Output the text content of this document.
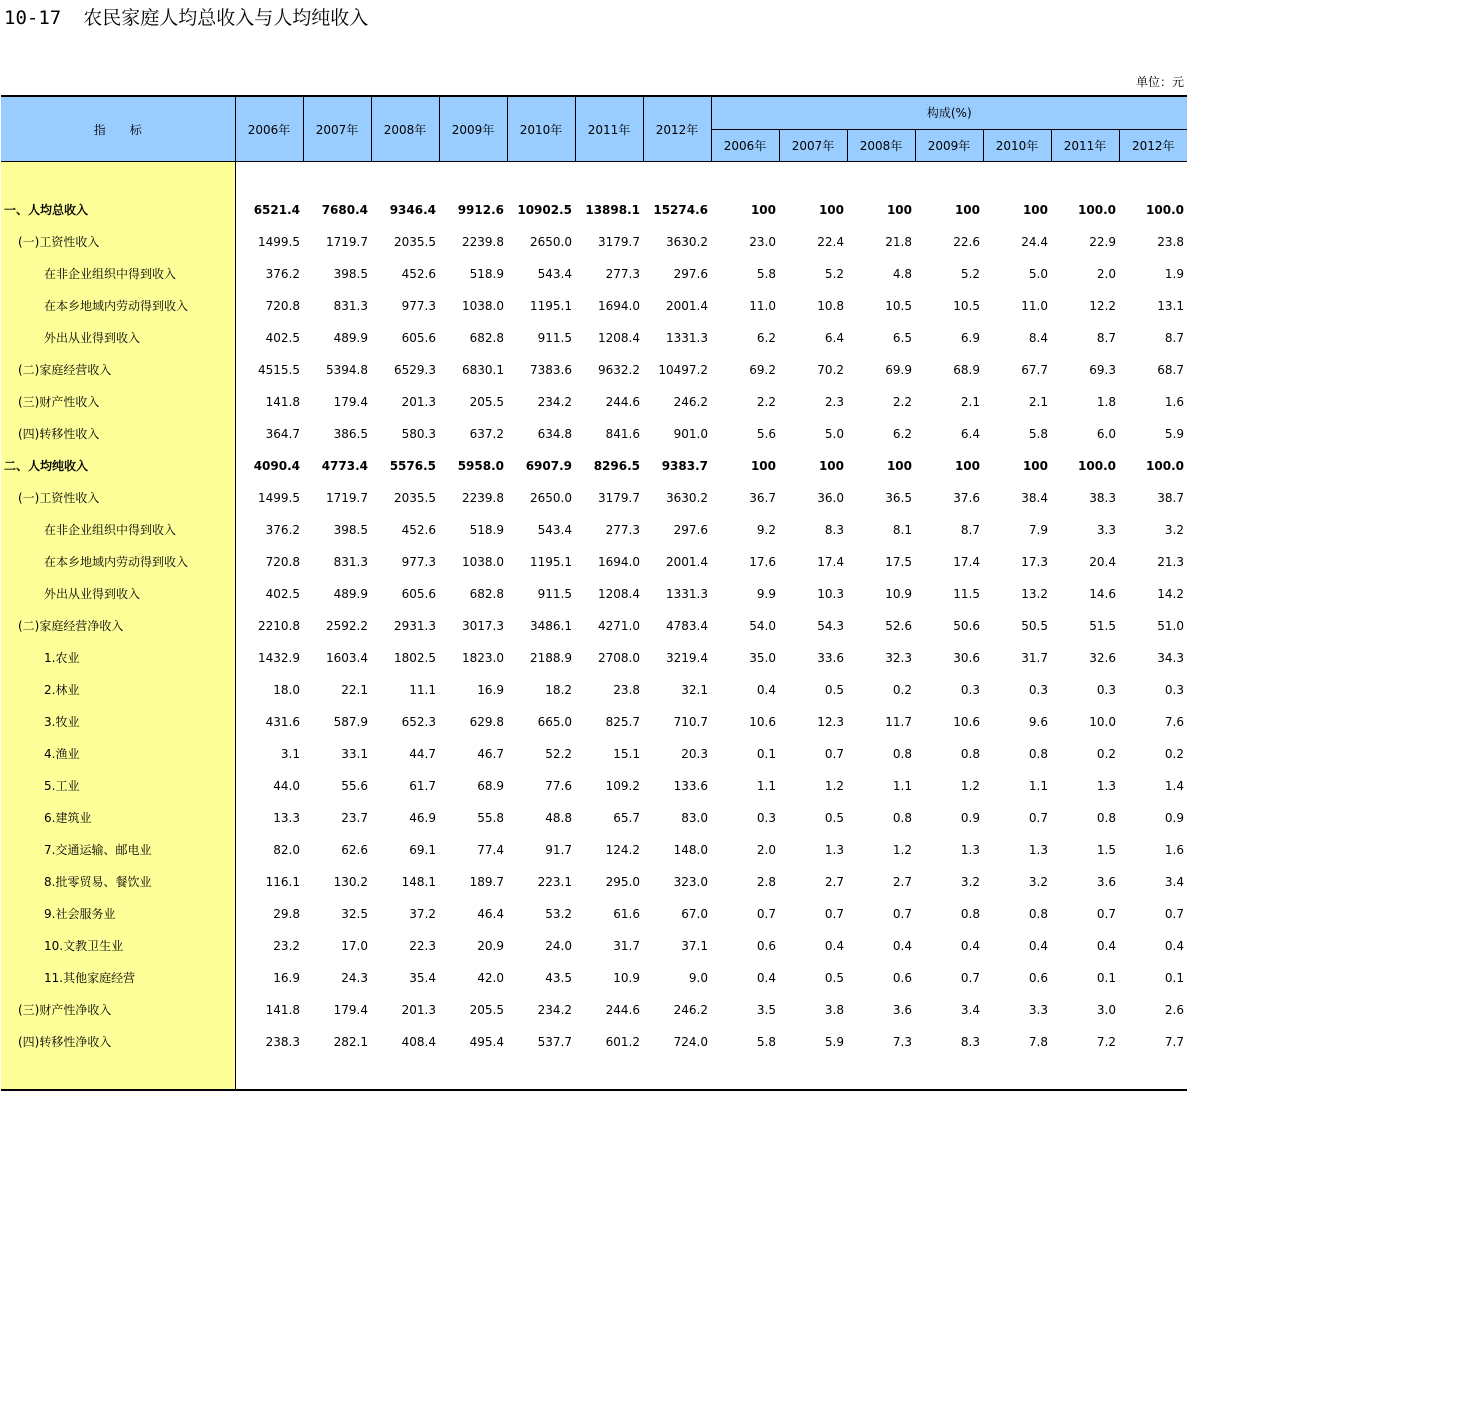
10-17 农民家庭人均总收入与人均纯收入
单位：元
指　　标	2006年	2007年	2008年	2009年	2010年	2011年	2012年	构成(%)						
								2006年	2007年	2008年	2009年	2010年	2011年	2012年

一、人均总收入	6521.4	7680.4	9346.4	9912.6	10902.5	13898.1	15274.6	100	100	100	100	100	100.0	100.0
(一)工资性收入	1499.5	1719.7	2035.5	2239.8	2650.0	3179.7	3630.2	23.0	22.4	21.8	22.6	24.4	22.9	23.8
在非企业组织中得到收入	376.2	398.5	452.6	518.9	543.4	277.3	297.6	5.8	5.2	4.8	5.2	5.0	2.0	1.9
在本乡地域内劳动得到收入	720.8	831.3	977.3	1038.0	1195.1	1694.0	2001.4	11.0	10.8	10.5	10.5	11.0	12.2	13.1
外出从业得到收入	402.5	489.9	605.6	682.8	911.5	1208.4	1331.3	6.2	6.4	6.5	6.9	8.4	8.7	8.7
(二)家庭经营收入	4515.5	5394.8	6529.3	6830.1	7383.6	9632.2	10497.2	69.2	70.2	69.9	68.9	67.7	69.3	68.7
(三)财产性收入	141.8	179.4	201.3	205.5	234.2	244.6	246.2	2.2	2.3	2.2	2.1	2.1	1.8	1.6
(四)转移性收入	364.7	386.5	580.3	637.2	634.8	841.6	901.0	5.6	5.0	6.2	6.4	5.8	6.0	5.9
二、人均纯收入	4090.4	4773.4	5576.5	5958.0	6907.9	8296.5	9383.7	100	100	100	100	100	100.0	100.0
(一)工资性收入	1499.5	1719.7	2035.5	2239.8	2650.0	3179.7	3630.2	36.7	36.0	36.5	37.6	38.4	38.3	38.7
在非企业组织中得到收入	376.2	398.5	452.6	518.9	543.4	277.3	297.6	9.2	8.3	8.1	8.7	7.9	3.3	3.2
在本乡地域内劳动得到收入	720.8	831.3	977.3	1038.0	1195.1	1694.0	2001.4	17.6	17.4	17.5	17.4	17.3	20.4	21.3
外出从业得到收入	402.5	489.9	605.6	682.8	911.5	1208.4	1331.3	9.9	10.3	10.9	11.5	13.2	14.6	14.2
(二)家庭经营净收入	2210.8	2592.2	2931.3	3017.3	3486.1	4271.0	4783.4	54.0	54.3	52.6	50.6	50.5	51.5	51.0
1.农业	1432.9	1603.4	1802.5	1823.0	2188.9	2708.0	3219.4	35.0	33.6	32.3	30.6	31.7	32.6	34.3
2.林业	18.0	22.1	11.1	16.9	18.2	23.8	32.1	0.4	0.5	0.2	0.3	0.3	0.3	0.3
3.牧业	431.6	587.9	652.3	629.8	665.0	825.7	710.7	10.6	12.3	11.7	10.6	9.6	10.0	7.6
4.渔业	3.1	33.1	44.7	46.7	52.2	15.1	20.3	0.1	0.7	0.8	0.8	0.8	0.2	0.2
5.工业	44.0	55.6	61.7	68.9	77.6	109.2	133.6	1.1	1.2	1.1	1.2	1.1	1.3	1.4
6.建筑业	13.3	23.7	46.9	55.8	48.8	65.7	83.0	0.3	0.5	0.8	0.9	0.7	0.8	0.9
7.交通运输、邮电业	82.0	62.6	69.1	77.4	91.7	124.2	148.0	2.0	1.3	1.2	1.3	1.3	1.5	1.6
8.批零贸易、餐饮业	116.1	130.2	148.1	189.7	223.1	295.0	323.0	2.8	2.7	2.7	3.2	3.2	3.6	3.4
9.社会服务业	29.8	32.5	37.2	46.4	53.2	61.6	67.0	0.7	0.7	0.7	0.8	0.8	0.7	0.7
10.文教卫生业	23.2	17.0	22.3	20.9	24.0	31.7	37.1	0.6	0.4	0.4	0.4	0.4	0.4	0.4
11.其他家庭经营	16.9	24.3	35.4	42.0	43.5	10.9	9.0	0.4	0.5	0.6	0.7	0.6	0.1	0.1
(三)财产性净收入	141.8	179.4	201.3	205.5	234.2	244.6	246.2	3.5	3.8	3.6	3.4	3.3	3.0	2.6
(四)转移性净收入	238.3	282.1	408.4	495.4	537.7	601.2	724.0	5.8	5.9	7.3	8.3	7.8	7.2	7.7
